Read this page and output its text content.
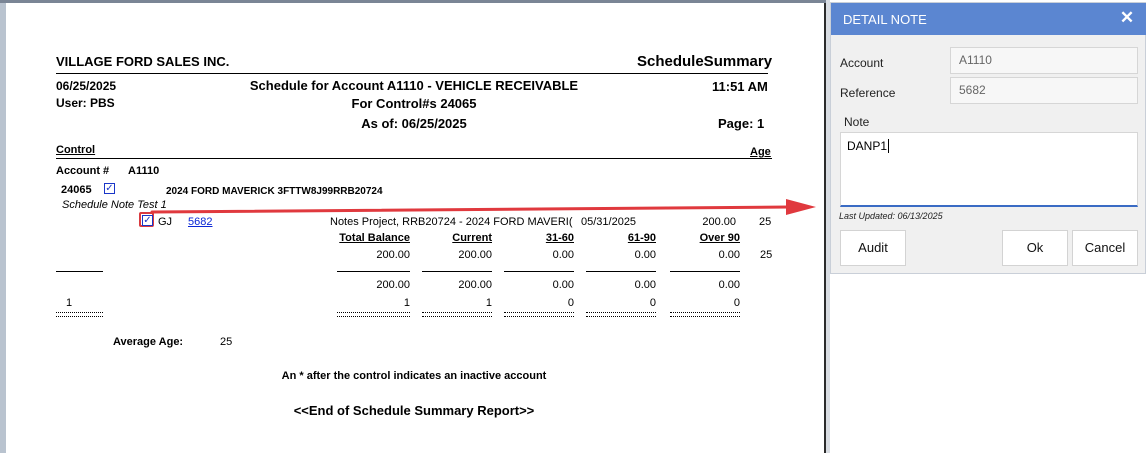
VILLAGE FORD SALES INC.	ScheduleSummary
06/25/2025
User: PBS
Schedule for Account A1110 - VEHICLE RECEIVABLE
For Control#s 24065
As of: 06/25/2025
11:51 AM
Page: 1
Control	Age
Account # A1110
24065 ✓	2024 FORD MAVERICK 3FTTW8J99RRB20724
Schedule Note Test 1
✓ GJ 5682	Notes Project, RRB20724 - 2024 FORD MAVERI( 05/31/2025	200.00 25
Total Balance	Current	31-60	61-90	Over 90
200.00	200.00	0.00	0.00	0.00 25
200.00	200.00	0.00	0.00	0.00
1	1	1	0	0	0
Average Age:	25
An * after the control indicates an inactive account
<<End of Schedule Summary Report>>
DETAIL NOTE	✕
Account	A1110
Reference	5682
Note
DANP1
Last Updated: 06/13/2025
Audit	Ok	Cancel
